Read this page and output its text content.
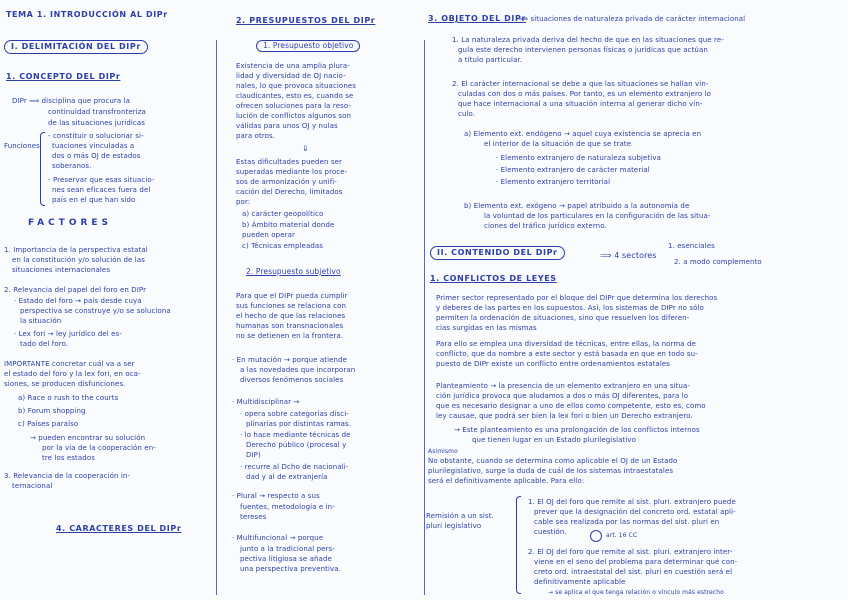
TEMA 1. INTRODUCCIÓN AL DIPr
I. DELIMITACIÓN DEL DIPr
1. CONCEPTO DEL DIPr
DIPr ⟹ disciplina que procura la
continuidad transfronteriza
de las situaciones jurídicas
Funciones
- constituir o solucionar si-
tuaciones vinculadas a
dos o más OJ de estados
soberanos.
- Preservar que esas situacio-
nes sean eficaces fuera del
país en el que han sido
FACTORES
1. Importancia de la perspectiva estatal
en la constitución y/o solución de las
situaciones internacionales
2. Relevancia del papel del foro en DIPr
· Estado del foro → país desde cuya
perspectiva se construye y/o se soluciona
la situación
· Lex fori → ley jurídico del es-
tado del foro.
IMPORTANTE concretar cuál va a ser
el estado del foro y la lex fori, en oca-
siones, se producen disfunciones.
a) Race o rush to the courts
b) Forum shopping
c) Países paraíso
→ pueden encontrar su solución
por la vía de la cooperación en-
tre los estados
3. Relevancia de la cooperación in-
ternacional
4. CARACTERES DEL DIPr
2. PRESUPUESTOS DEL DIPr
1. Presupuesto objetivo
Existencia de una amplia plura-
lidad y diversidad de OJ nacio-
nales, lo que provoca situaciones
claudicantes, esto es, cuando se
ofrecen soluciones para la reso-
lución de conflictos algunos son
válidas para unos OJ y nulas
para otros.
⇓
Estas dificultades pueden ser
superadas mediante los proce-
sos de armonización y unifi-
cación del Derecho, limitados
por:
a) carácter geopolítico
b) Ámbito material donde
pueden operar
c) Técnicas empleadas
2. Presupuesto subjetivo
Para que el DIPr pueda cumplir
sus funciones se relaciona con
el hecho de que las relaciones
humanas son transnacionales
no se detienen en la frontera.
· En mutación → porque atiende
a las novedades que incorporan
diversos fenómenos sociales
· Multidisciplinar →
· opera sobre categorías disci-
plinarias por distintas ramas.
· lo hace mediante técnicas de
Derecho público (procesal y
DIP)
· recurre al Dcho de nacionali-
dad y al de extranjería
· Plural → respecto a sus
fuentes, metodología e in-
tereses
· Multifuncional → porque
junto a la tradicional pers-
pectiva litigiosa se añade
una perspectiva preventiva.
3. OBJETO DEL DIPr
⟹ situaciones de naturaleza privada de carácter internacional
1. La naturaleza privada deriva del hecho de que en las situaciones que re-
gula este derecho intervienen personas físicas o jurídicas que actúan
a título particular.
2. El carácter internacional se debe a que las situaciones se hallan vin-
culadas con dos o más países. Por tanto, es un elemento extranjero lo
que hace internacional a una situación interna al generar dicho vín-
culo.
a) Elemento ext. endógeno → aquel cuya existencia se aprecia en
el interior de la situación de que se trate
· Elemento extranjero de naturaleza subjetiva
· Elemento extranjero de carácter material
· Elemento extranjero territorial
b) Elemento ext. exógeno → papel atribuido a la autonomía de
la voluntad de los particulares en la configuración de las situa-
ciones del tráfico jurídico externo.
II. CONTENIDO DEL DIPr	⟹ 4 sectores
1. esenciales
2. a modo complemento
1. CONFLICTOS DE LEYES
Primer sector representado por el bloque del DIPr que determina los derechos
y deberes de las partes en los supuestos. Así, los sistemas de DIPr no sólo
permiten la ordenación de situaciones, sino que resuelven los diferen-
cias surgidas en las mismas
Para ello se emplea una diversidad de técnicas, entre ellas, la norma de
conflicto, que da nombre a este sector y está basada en que en todo su-
puesto de DIPr existe un conflicto entre ordenamientos estatales
Planteamiento → la presencia de un elemento extranjero en una situa-
ción jurídica provoca que aludamos a dos o más OJ diferentes, para lo
que es necesario designar a uno de ellos como competente, esto es, como
ley causae, que podrá ser bien la lex fori o bien un Derecho extranjero.
→ Este planteamiento es una prolongación de los conflictos internos
que tienen lugar en un Estado plurilegislativo
Asimismo
No obstante, cuando se determina como aplicable el OJ de un Estado
plurilegislativo, surge la duda de cuál de los sistemas intraestatales
será el definitivamente aplicable. Para ello:
Remisión a un sist.
pluri legislativo
1. El OJ del foro que remite al sist. pluri. extranjero puede
prever que la designación del concreto ord. estatal apli-
cable sea realizada por las normas del sist. pluri en
cuestión. ○ art. 16 CC
2. El OJ del foro que remite al sist. pluri. extranjero inter-
viene en el seno del problema para determinar qué con-
creto ord. intraestatal del sist. pluri en cuestión será el
definitivamente aplicable
→ se aplica el que tenga relación o vínculo más estrecho
